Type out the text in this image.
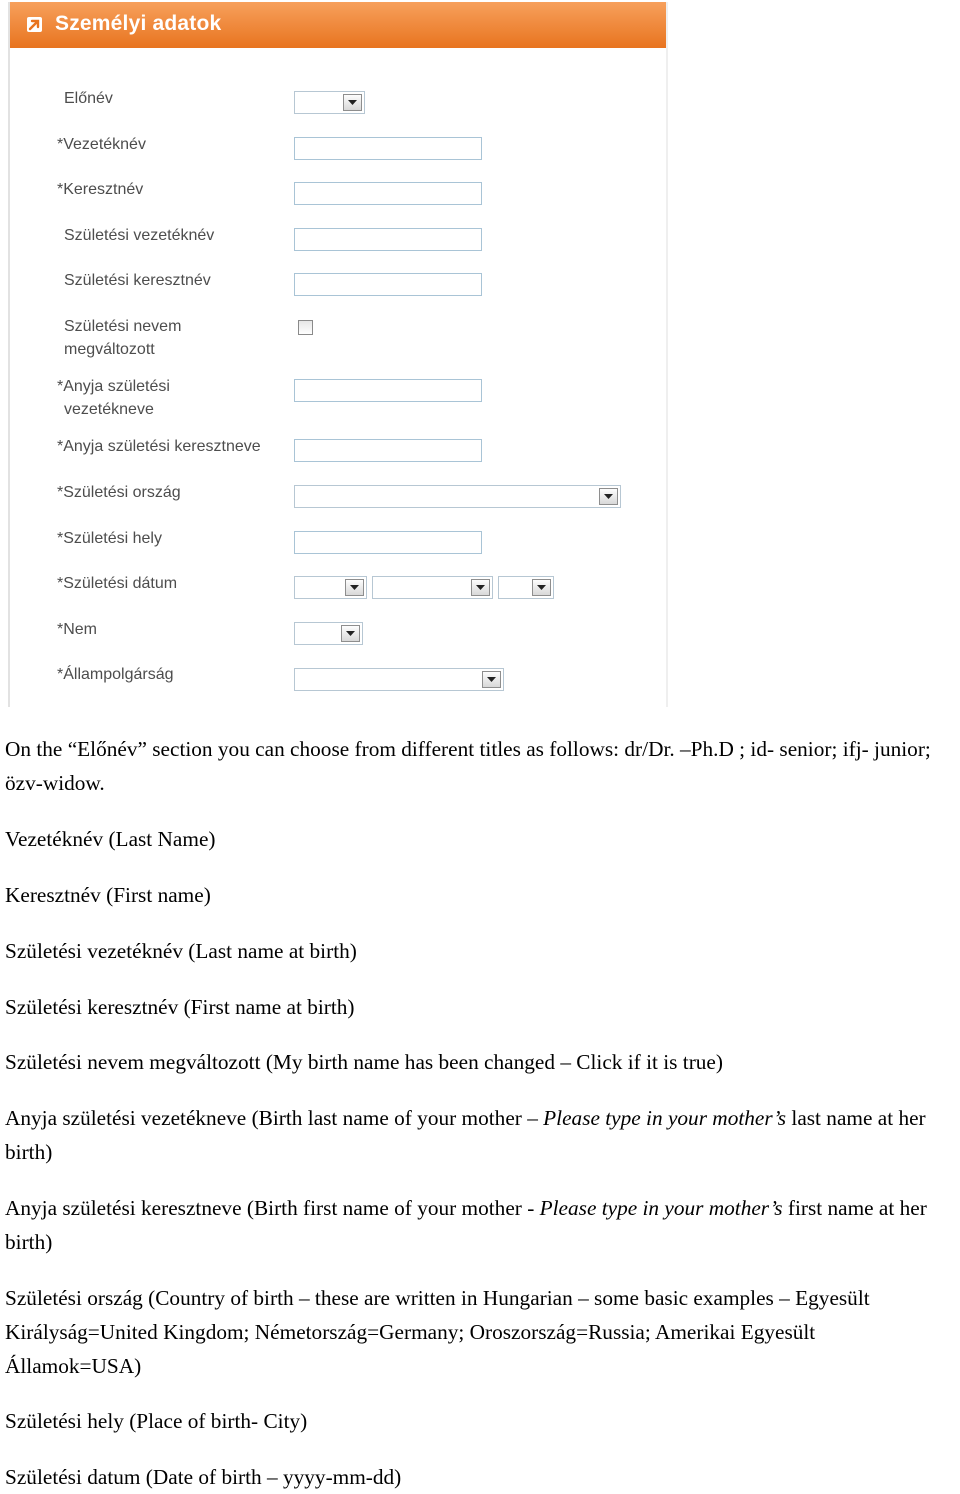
Személyi adatok
Előnév
*Vezetéknév
*Keresztnév
Születési vezetéknév
Születési keresztnév
Születési nevem
megváltozott
*Anyja születési
vezetékneve
*Anyja születési keresztneve
*Születési ország
*Születési hely
*Születési dátum
*Nem
*Állampolgárság

On the “Előnév” section you can choose from different titles as follows: dr/Dr. –Ph.D ; id- senior; ifj- junior; özv-widow.

Vezetéknév (Last Name)

Keresztnév (First name)

Születési vezetéknév (Last name at birth)

Születési keresztnév (First name at birth)

Születési nevem megváltozott (My birth name has been changed – Click if it is true)

Anyja születési vezetékneve (Birth last name of your mother – Please type in your mother’s last name at her birth)

Anyja születési keresztneve (Birth first name of your mother - Please type in your mother’s first name at her birth)

Születési ország (Country of birth – these are written in Hungarian – some basic examples – Egyesült Királyság=United Kingdom; Németország=Germany; Oroszország=Russia; Amerikai Egyesült Államok=USA)

Születési hely (Place of birth- City)

Születési datum (Date of birth – yyyy-mm-dd)
